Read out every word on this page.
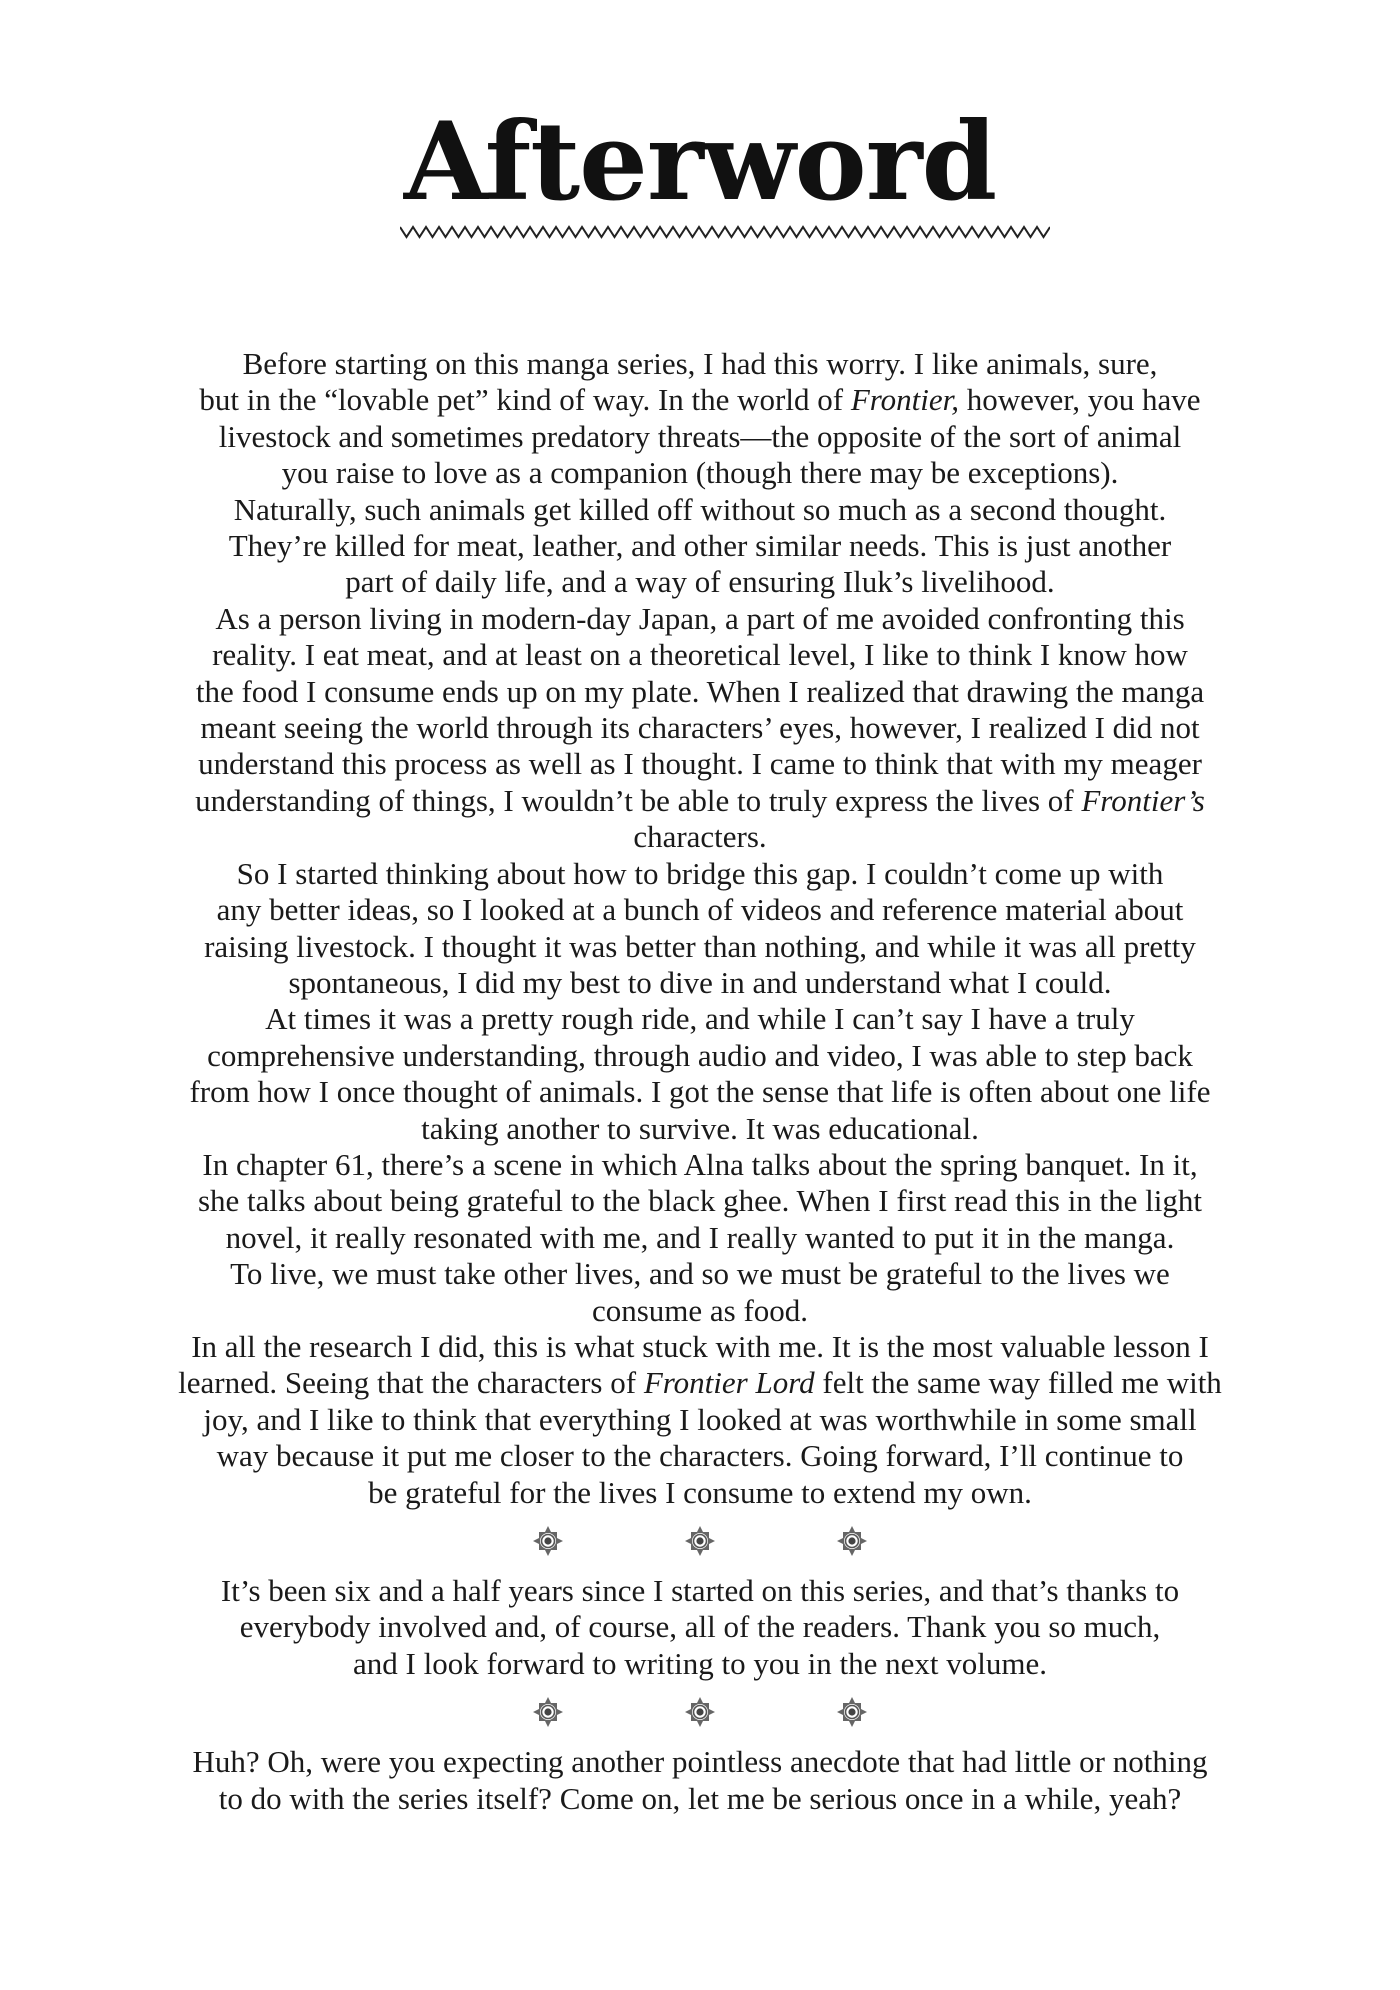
Afterword
Before starting on this manga series, I had this worry. I like animals, sure,
but in the “lovable pet” kind of way. In the world of Frontier, however, you have
livestock and sometimes predatory threats—the opposite of the sort of animal
you raise to love as a companion (though there may be exceptions).
Naturally, such animals get killed off without so much as a second thought.
They’re killed for meat, leather, and other similar needs. This is just another
part of daily life, and a way of ensuring Iluk’s livelihood.
As a person living in modern-day Japan, a part of me avoided confronting this
reality. I eat meat, and at least on a theoretical level, I like to think I know how
the food I consume ends up on my plate. When I realized that drawing the manga
meant seeing the world through its characters’ eyes, however, I realized I did not
understand this process as well as I thought. I came to think that with my meager
understanding of things, I wouldn’t be able to truly express the lives of Frontier’s
characters.
So I started thinking about how to bridge this gap. I couldn’t come up with
any better ideas, so I looked at a bunch of videos and reference material about
raising livestock. I thought it was better than nothing, and while it was all pretty
spontaneous, I did my best to dive in and understand what I could.
At times it was a pretty rough ride, and while I can’t say I have a truly
comprehensive understanding, through audio and video, I was able to step back
from how I once thought of animals. I got the sense that life is often about one life
taking another to survive. It was educational.
In chapter 61, there’s a scene in which Alna talks about the spring banquet. In it,
she talks about being grateful to the black ghee. When I first read this in the light
novel, it really resonated with me, and I really wanted to put it in the manga.
To live, we must take other lives, and so we must be grateful to the lives we
consume as food.
In all the research I did, this is what stuck with me. It is the most valuable lesson I
learned. Seeing that the characters of Frontier Lord felt the same way filled me with
joy, and I like to think that everything I looked at was worthwhile in some small
way because it put me closer to the characters. Going forward, I’ll continue to
be grateful for the lives I consume to extend my own.
It’s been six and a half years since I started on this series, and that’s thanks to
everybody involved and, of course, all of the readers. Thank you so much,
and I look forward to writing to you in the next volume.
Huh? Oh, were you expecting another pointless anecdote that had little or nothing
to do with the series itself? Come on, let me be serious once in a while, yeah?
